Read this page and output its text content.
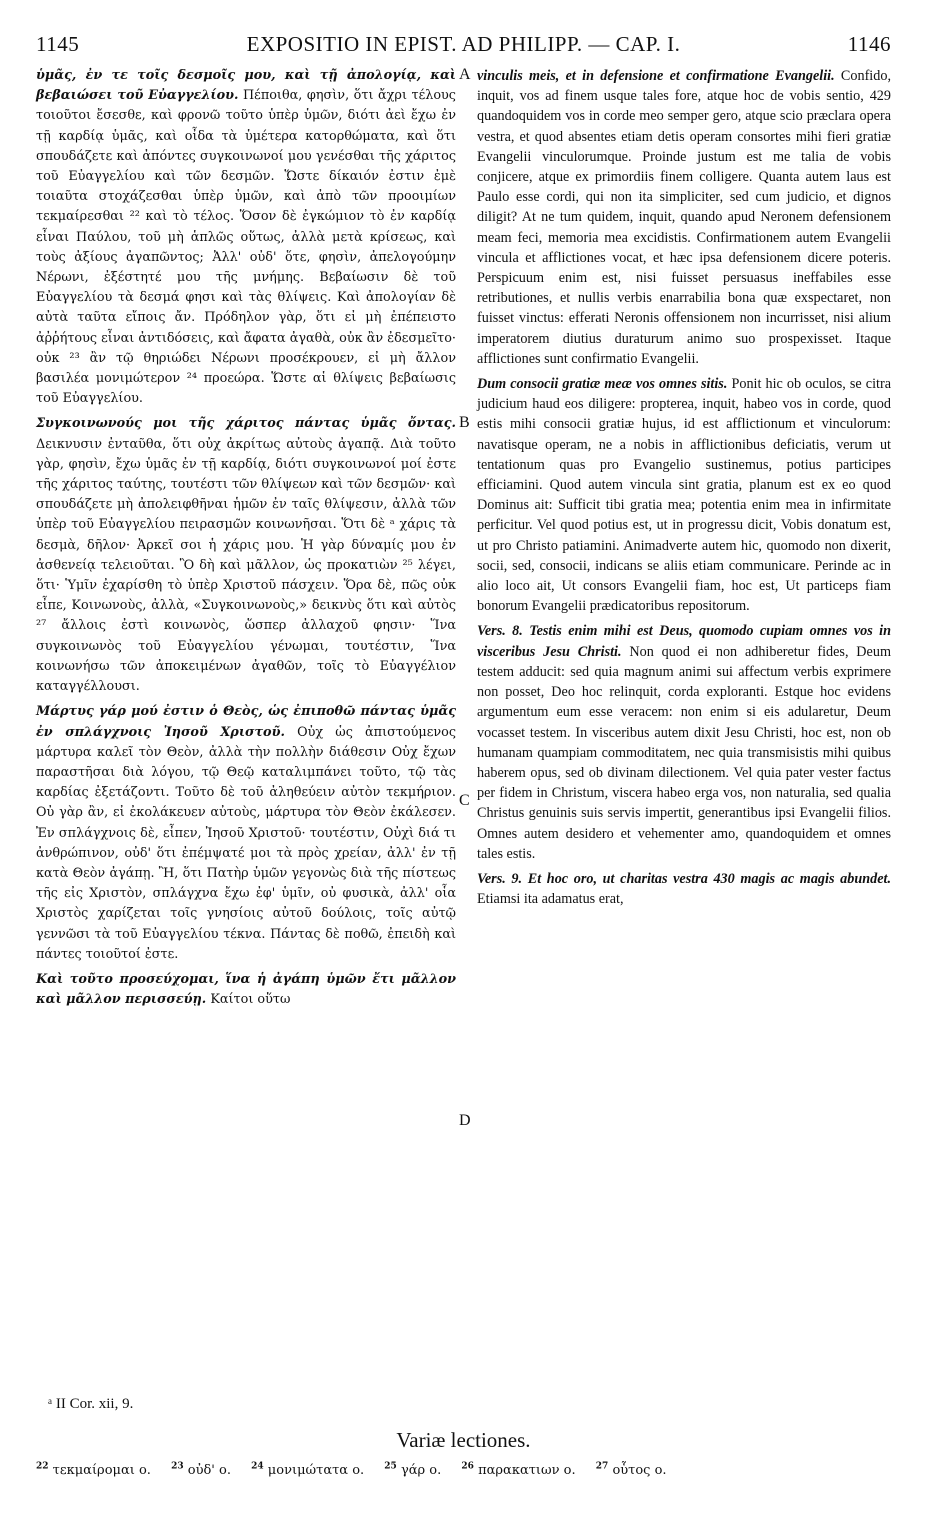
1145	EXPOSITIO IN EPIST. AD PHILIPP. — CAP. I.	1146

ὑμᾶς, ἐν τε τοῖς δεσμοῖς μου, καὶ τῇ ἀπολογίᾳ, καὶ βεβαιώσει τοῦ Εὐαγγελίου. Πέποιθα, φησὶν, ὅτι ἄχρι τέλους τοιοῦτοι ἔσεσθε, καὶ φρονῶ τοῦτο ὑπὲρ ὑμῶν, διότι ἀεὶ ἔχω ἐν τῇ καρδίᾳ ὑμᾶς, καὶ οἶδα τὰ ὑμέτερα κατορθώματα, καὶ ὅτι σπουδάζετε καὶ ἀπόντες συγκοινωνοί μου γενέσθαι τῆς χάριτος τοῦ Εὐαγγελίου καὶ τῶν δεσμῶν. Ὥστε δίκαιόν ἐστιν ἐμὲ τοιαῦτα στοχάζεσθαι ὑπὲρ ὑμῶν, καὶ ἀπὸ τῶν προοιμίων τεκμαίρεσθαι ²² καὶ τὸ τέλος. Ὅσον δὲ ἐγκώμιον τὸ ἐν καρδίᾳ εἶναι Παύλου, τοῦ μὴ ἁπλῶς οὕτως, ἀλλὰ μετὰ κρίσεως, καὶ τοὺς ἀξίους ἀγαπῶντος; Ἀλλ' οὐδ' ὅτε, φησὶν, ἀπελογούμην Νέρωνι, ἐξέστητέ μου τῆς μνήμης. Βεβαίωσιν δὲ τοῦ Εὐαγγελίου τὰ δεσμά φησι καὶ τὰς θλίψεις. Καὶ ἀπολογίαν δὲ αὐτὰ ταῦτα εἴποις ἄν. Πρόδηλον γὰρ, ὅτι εἰ μὴ ἐπέπειστο ἀῤῥήτους εἶναι ἀντιδόσεις, καὶ ἄφατα ἀγαθὰ, οὐκ ἂν ἐδεσμεῖτο· οὐκ ²³ ἂν τῷ θηριώδει Νέρωνι προσέκρουεν, εἰ μὴ ἄλλον βασιλέα μονιμώτερον ²⁴ προεώρα. Ὥστε αἱ θλίψεις βεβαίωσις τοῦ Εὐαγγελίου.

Συγκοινωνούς μοι τῆς χάριτος πάντας ὑμᾶς ὄντας. Δεικνυσιν ἐνταῦθα, ὅτι οὐχ ἀκρίτως αὐτοὺς ἀγαπᾷ. Διὰ τοῦτο γὰρ, φησὶν, ἔχω ὑμᾶς ἐν τῇ καρδίᾳ, διότι συγκοινωνοί μοί ἐστε τῆς χάριτος ταύτης, τουτέστι τῶν θλίψεων καὶ τῶν δεσμῶν· καὶ σπουδάζετε μὴ ἀπολειφθῆναι ἡμῶν ἐν ταῖς θλίψεσιν, ἀλλὰ τῶν ὑπὲρ τοῦ Εὐαγγελίου πειρασμῶν κοινωνῆσαι. Ὅτι δὲ ᵃ χάρις τὰ δεσμὰ, δῆλον· Ἀρκεῖ σοι ἡ χάρις μου. Ἡ γὰρ δύναμίς μου ἐν ἀσθενείᾳ τελειοῦται. Ὃ δὴ καὶ μᾶλλον, ὡς προκατιὼν ²⁵ λέγει, ὅτι· Ὑμῖν ἐχαρίσθη τὸ ὑπὲρ Χριστοῦ πάσχειν. Ὅρα δὲ, πῶς οὐκ εἶπε, Κοινωνοὺς, ἀλλὰ, «Συγκοινωνοὺς,» δεικνὺς ὅτι καὶ αὐτὸς ²⁷ ἄλλοις ἐστὶ κοινωνὸς, ὥσπερ ἀλλαχοῦ φησιν· Ἵνα συγκοινωνὸς τοῦ Εὐαγγελίου γένωμαι, τουτέστιν, Ἵνα κοινωνήσω τῶν ἀποκειμένων ἀγαθῶν, τοῖς τὸ Εὐαγγέλιον καταγγέλλουσι.

Μάρτυς γάρ μού ἐστιν ὁ Θεὸς, ὡς ἐπιποθῶ πάντας ὑμᾶς ἐν σπλάγχνοις Ἰησοῦ Χριστοῦ. Οὐχ ὡς ἀπιστούμενος μάρτυρα καλεῖ τὸν Θεὸν, ἀλλὰ τὴν πολλὴν διάθεσιν Οὐχ ἔχων παραστῆσαι διὰ λόγου, τῷ Θεῷ καταλιμπάνει τοῦτο, τῷ τὰς καρδίας ἐξετάζοντι. Τοῦτο δὲ τοῦ ἀληθεύειν αὐτὸν τεκμήριον. Οὐ γὰρ ἂν, εἰ ἐκολάκευεν αὐτοὺς, μάρτυρα τὸν Θεὸν ἐκάλεσεν. Ἐν σπλάγχνοις δὲ, εἶπεν, Ἰησοῦ Χριστοῦ· τουτέστιν, Οὐχὶ διά τι ἀνθρώπινον, οὐδ' ὅτι ἐπέμψατέ μοι τὰ πρὸς χρείαν, ἀλλ' ἐν τῇ κατὰ Θεὸν ἀγάπῃ. Ἢ, ὅτι Πατὴρ ὑμῶν γεγονὼς διὰ τῆς πίστεως τῆς εἰς Χριστὸν, σπλάγχνα ἔχω ἐφ' ὑμῖν, οὐ φυσικὰ, ἀλλ' οἷα Χριστὸς χαρίζεται τοῖς γνησίοις αὐτοῦ δούλοις, τοῖς αὐτῷ γεννῶσι τὰ τοῦ Εὐαγγελίου τέκνα. Πάντας δὲ ποθῶ, ἐπειδὴ καὶ πάντες τοιοῦτοί ἐστε.

Καὶ τοῦτο προσεύχομαι, ἵνα ἡ ἀγάπη ὑμῶν ἔτι μᾶλλον καὶ μᾶλλον περισσεύῃ. Καίτοι οὕτω

A
B
C
D

vinculis meis, et in defensione et confirmatione Evangelii. Confido, inquit, vos ad finem usque tales fore, atque hoc de vobis sentio, 429 quandoquidem vos in corde meo semper gero, atque scio præclara opera vestra, et quod absentes etiam detis operam consortes mihi fieri gratiæ Evangelii vinculorumque. Proinde justum est me talia de vobis conjicere, atque ex primordiis finem colligere. Quanta autem laus est Paulo esse cordi, qui non ita simpliciter, sed cum judicio, et dignos diligit? At ne tum quidem, inquit, quando apud Neronem defensionem meam feci, memoria mea excidistis. Confirmationem autem Evangelii vincula et afflictiones vocat, et hæc ipsa defensionem dicere poteris. Perspicuum enim est, nisi fuisset persuasus ineffabiles esse retributiones, et nullis verbis enarrabilia bona quæ exspectaret, non fuisset vinctus: efferati Neronis offensionem non incurrisset, nisi alium imperatorem diutius duraturum animo suo prospexisset. Itaque afflictiones sunt confirmatio Evangelii.

Dum consocii gratiæ meæ vos omnes sitis. Ponit hic ob oculos, se citra judicium haud eos diligere: propterea, inquit, habeo vos in corde, quod estis mihi consocii gratiæ hujus, id est afflictionum et vinculorum: navatisque operam, ne a nobis in afflictionibus deficiatis, verum ut tentationum quas pro Evangelio sustinemus, potius participes efficiamini. Quod autem vincula sint gratia, planum est ex eo quod Dominus ait: Sufficit tibi gratia mea; potentia enim mea in infirmitate perficitur. Vel quod potius est, ut in progressu dicit, Vobis donatum est, ut pro Christo patiamini. Animadverte autem hic, quomodo non dixerit, socii, sed, consocii, indicans se aliis etiam communicare. Perinde ac in alio loco ait, Ut consors Evangelii fiam, hoc est, Ut particeps fiam bonorum Evangelii prædicatoribus repositorum.

Vers. 8. Testis enim mihi est Deus, quomodo cupiam omnes vos in visceribus Jesu Christi. Non quod ei non adhiberetur fides, Deum testem adducit: sed quia magnum animi sui affectum verbis exprimere non posset, Deo hoc relinquit, corda exploranti. Estque hoc evidens argumentum eum esse veracem: non enim si eis adularetur, Deum vocasset testem. In visceribus autem dixit Jesu Christi, hoc est, non ob humanam quampiam commoditatem, nec quia transmisistis mihi quibus haberem opus, sed ob divinam dilectionem. Vel quia pater vester factus per fidem in Christum, viscera habeo erga vos, non naturalia, sed qualia Christus genuinis suis servis impertit, generantibus ipsi Evangelii filios. Omnes autem desidero et vehementer amo, quandoquidem et omnes tales estis.

Vers. 9. Et hoc oro, ut charitas vestra 430 magis ac magis abundet. Etiamsi ita adamatus erat,

ᵃ II Cor. xii, 9.
Variæ lectiones.
$^{22}$ τεκμαίρομαι ο. $^{23}$ οὐδ' ο. $^{24}$ μονιμώτατα ο. $^{25}$ γάρ ο. $^{26}$ παρακατιων ο. $^{27}$ οὗτος ο.
